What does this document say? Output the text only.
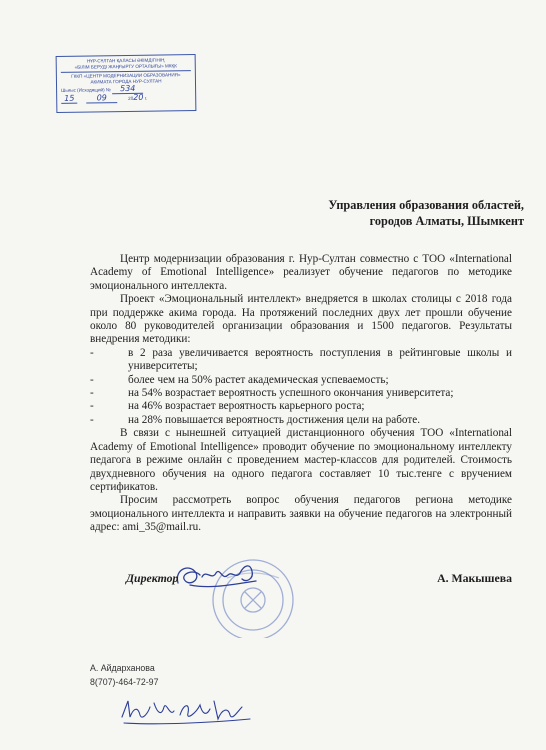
НҰР-СҰЛТАН ҚАЛАСЫ ӘКІМДІГІНІҢ
«БІЛІМ БЕРУДІ ЖАҢҒЫРТУ ОРТАЛЫҒЫ» МКҚК
ГККП «ЦЕНТР МОДЕРНИЗАЦИИ ОБРАЗОВАНИЯ»
АКИМАТА ГОРОДА НУР-СУЛТАН
Шығыс (Исходящий) № 534
15	09	2020 г.
Управления образования областей,
городов Алматы, Шымкент

Центр модернизации образования г. Нур-Султан совместно с ТОО «International Academy of Emotional Intelligence» реализует обучение педагогов по методике эмоционального интеллекта.

Проект «Эмоциональный интеллект» внедряется в школах столицы с 2018 года при поддержке акима города. На протяжений последних двух лет прошли обучение около 80 руководителей организации образования и 1500 педагогов. Результаты внедрения методики:

-	в 2 раза увеличивается вероятность поступления в рейтинговые школы и университеты;
-	более чем на 50% растет академическая успеваемость;
-	на 54% возрастает вероятность успешного окончания университета;
-	на 46% возрастает вероятность карьерного роста;
-	на 28% повышается вероятность достижения цели на работе.

В связи с нынешней ситуацией дистанционного обучения ТОО «International Academy of Emotional Intelligence» проводит обучение по эмоциональному интеллекту педагога в режиме онлайн с проведением мастер-классов для родителей. Стоимость двухдневного обучения на одного педагога составляет 10 тыс.тенге с вручением сертификатов.

Просим рассмотреть вопрос обучения педагогов региона методике эмоционального интеллекта и направить заявки на обучение педагогов на электронный адрес: ami_35@mail.ru.

Директор	А. Макышева
А. Айдарханова
8(707)-464-72-97
